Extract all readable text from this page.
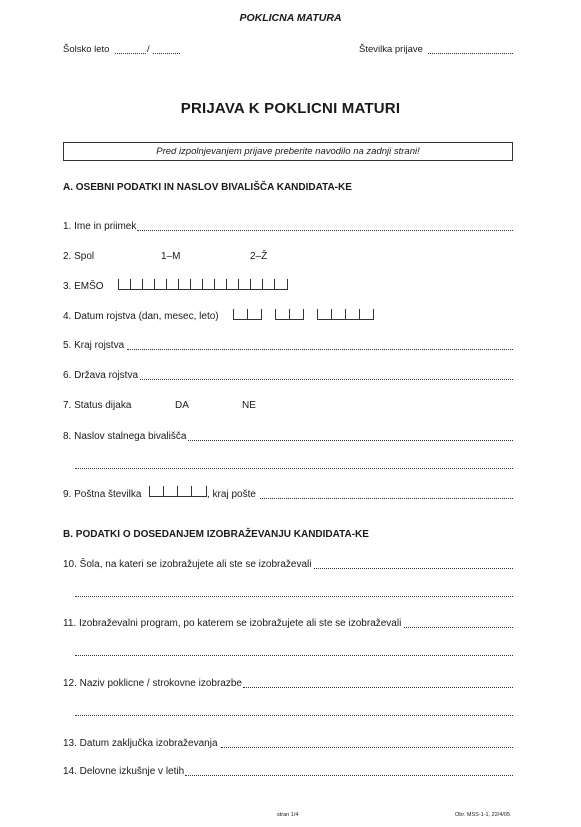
POKLICNA MATURA
Šolsko leto	/	Številka prijave
PRIJAVA K POKLICNI MATURI
Pred izpolnjevanjem prijave preberite navodilo na zadnji strani!
A. OSEBNI PODATKI IN NASLOV BIVALIŠČA KANDIDATA-KE
1. Ime in priimek
2. Spol	1–M	2–Ž
3. EMŠO
4. Datum rojstva (dan, mesec, leto)
5. Kraj rojstva
6. Država rojstva
7. Status dijaka	DA	NE
8. Naslov stalnega bivališča
9. Poštna številka	, kraj pošte
B. PODATKI O DOSEDANJEM IZOBRAŽEVANJU KANDIDATA-KE
10. Šola, na kateri se izobražujete ali ste se izobraževali
11. Izobraževalni program, po katerem se izobražujete ali ste se izobraževali
12. Naziv poklicne / strokovne izobrazbe
13. Datum zaključka izobraževanja
14. Delovne izkušnje v letih
stran 1/4	Obr. MSS-1-1, 22/4/05
